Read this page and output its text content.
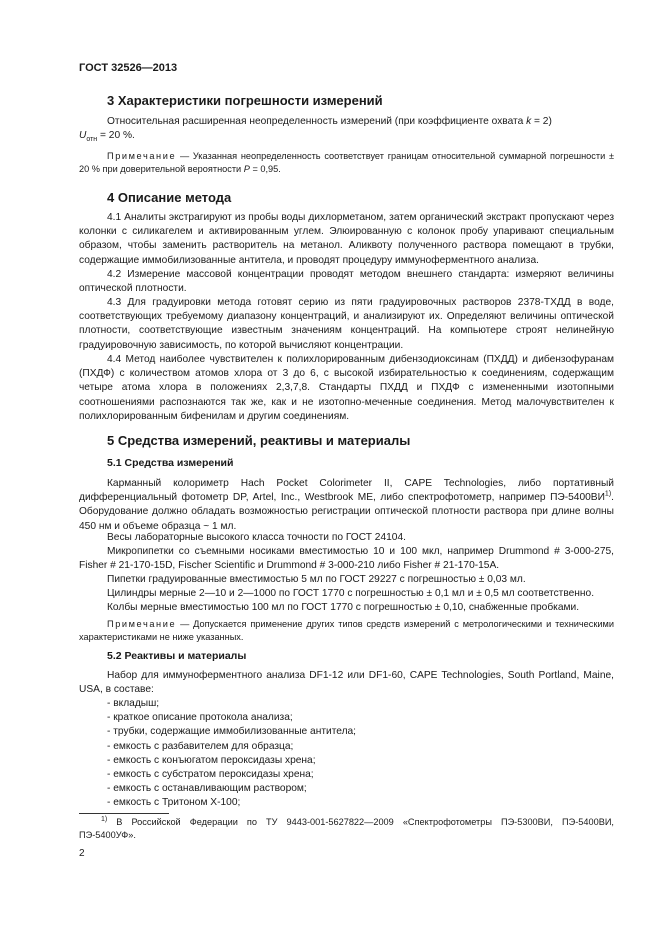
ГОСТ 32526—2013
3 Характеристики погрешности измерений
Относительная расширенная неопределенность измерений (при коэффициенте охвата k = 2)
$U_{отн} = 20$ %.
Примечание — Указанная неопределенность соответствует границам относительной суммарной погрешности ± 20 % при доверительной вероятности P = 0,95.
4 Описание метода
4.1 Аналиты экстрагируют из пробы воды дихлорметаном, затем органический экстракт пропускают через колонки с силикагелем и активированным углем. Элюированную с колонок пробу упаривают специальным образом, чтобы заменить растворитель на метанол. Аликвоту полученного раствора помещают в трубки, содержащие иммобилизованные антитела, и проводят процедуру иммуноферментного анализа.
4.2 Измерение массовой концентрации проводят методом внешнего стандарта: измеряют величины оптической плотности.
4.3 Для градуировки метода готовят серию из пяти градуировочных растворов 2378-ТХДД в воде, соответствующих требуемому диапазону концентраций, и анализируют их. Определяют величины оптической плотности, соответствующие известным значениям концентраций. На компьютере строят нелинейную градуировочную зависимость, по которой вычисляют концентрации.
4.4 Метод наиболее чувствителен к полихлорированным дибензодиоксинам (ПХДД) и дибензофуранам (ПХДФ) с количеством атомов хлора от 3 до 6, с высокой избирательностью к соединениям, содержащим четыре атома хлора в положениях 2,3,7,8. Стандарты ПХДД и ПХДФ с измененными изотопными соотношениями распознаются так же, как и не изотопно-меченные соединения. Метод малочувствителен к полихлорированным бифенилам и другим соединениям.
5 Средства измерений, реактивы и материалы
5.1 Средства измерений
Карманный колориметр Hach Pocket Colorimeter II, CAPE Technologies, либо портативный дифференциальный фотометр DP, Artel, Inc., Westbrook ME, либо спектрофотометр, например ПЭ-5400ВИ$^{1)}$. Оборудование должно обладать возможностью регистрации оптической плотности раствора при длине волны 450 нм и объеме образца ~ 1 мл.
Весы лабораторные высокого класса точности по ГОСТ 24104.
Микропипетки со съемными носиками вместимостью 10 и 100 мкл, например Drummond # 3-000-275, Fisher # 21-170-15D, Fischer Scientific и Drummond # 3-000-210 либо Fisher # 21-170-15A.
Пипетки градуированные вместимостью 5 мл по ГОСТ 29227 с погрешностью ± 0,03 мл.
Цилиндры мерные 2—10 и 2—1000 по ГОСТ 1770 с погрешностью ± 0,1 мл и ± 0,5 мл соответственно.
Колбы мерные вместимостью 100 мл по ГОСТ 1770 с погрешностью ± 0,10, снабженные пробками.
Примечание — Допускается применение других типов средств измерений с метрологическими и техническими характеристиками не ниже указанных.
5.2 Реактивы и материалы
Набор для иммуноферментного анализа DF1-12 или DF1-60, CAPE Technologies, South Portland, Maine, USA, в составе:
- вкладыш;
- краткое описание протокола анализа;
- трубки, содержащие иммобилизованные антитела;
- емкость с разбавителем для образца;
- емкость с конъюгатом пероксидазы хрена;
- емкость с субстратом пероксидазы хрена;
- емкость с останавливающим раствором;
- емкость с Тритоном Х-100;
$^{1)}$ В Российской Федерации по ТУ 9443-001-5627822—2009 «Спектрофотометры ПЭ-5300ВИ, ПЭ-5400ВИ, ПЭ-5400УФ».
2
